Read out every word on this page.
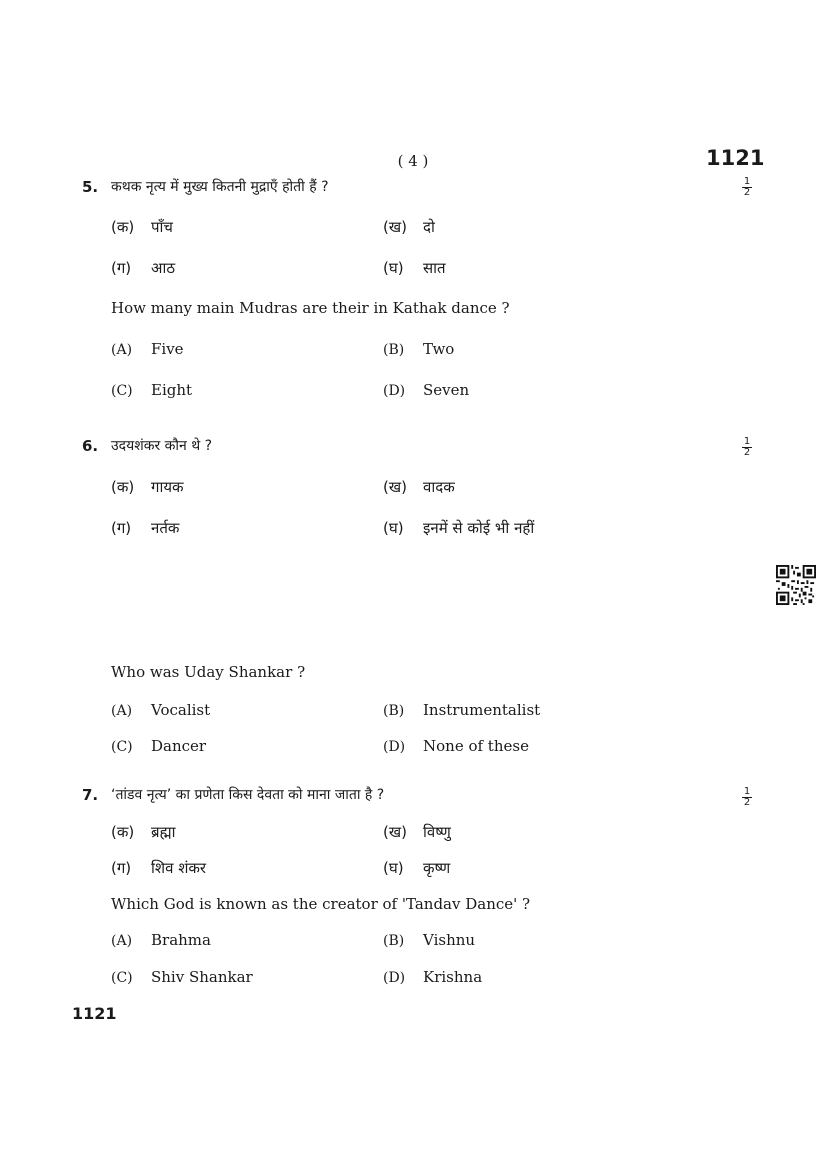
( 4 )	1121
5. कथक नृत्य में मुख्य कितनी मुद्राएँ होती हैं ?	1
2
(क) पाँच	(ख) दो
(ग) आठ	(घ) सात
How many main Mudras are their in Kathak dance ?
(A) Five	(B) Two
(C) Eight	(D) Seven
6. उदयशंकर कौन थे ?	1
2
(क) गायक	(ख) वादक
(ग) नर्तक	(घ) इनमें से कोई भी नहीं
Who was Uday Shankar ?
(A) Vocalist	(B) Instrumentalist
(C) Dancer	(D) None of these
7. ‘तांडव नृत्य’ का प्रणेता किस देवता को माना जाता है ?	1
2
(क) ब्रह्मा	(ख) विष्णु
(ग) शिव शंकर	(घ) कृष्ण
Which God is known as the creator of 'Tandav Dance' ?
(A) Brahma	(B) Vishnu
(C) Shiv Shankar	(D) Krishna
1121
